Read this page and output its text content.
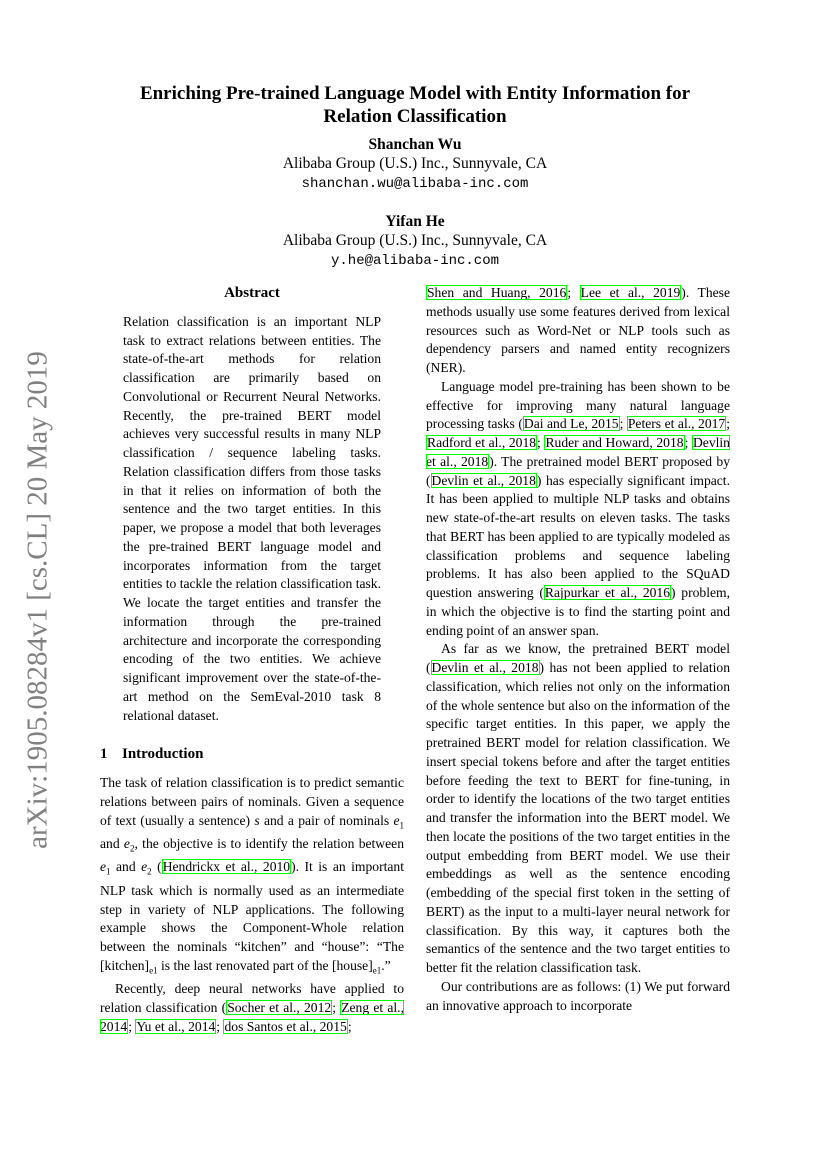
arXiv:1905.08284v1 [cs.CL] 20 May 2019

Enriching Pre-trained Language Model with Entity Information for
Relation Classification

Shanchan Wu
Alibaba Group (U.S.) Inc., Sunnyvale, CA
shanchan.wu@alibaba-inc.com
Yifan He
Alibaba Group (U.S.) Inc., Sunnyvale, CA
y.he@alibaba-inc.com
Abstract

Relation classification is an important NLP task to extract relations between entities. The state-of-the-art methods for relation classification are primarily based on Convolutional or Recurrent Neural Networks. Recently, the pre-trained BERT model achieves very successful results in many NLP classification / sequence labeling tasks. Relation classification differs from those tasks in that it relies on information of both the sentence and the two target entities. In this paper, we propose a model that both leverages the pre-trained BERT language model and incorporates information from the target entities to tackle the relation classification task. We locate the target entities and transfer the information through the pre-trained architecture and incorporate the corresponding encoding of the two entities. We achieve significant improvement over the state-of-the-art method on the SemEval-2010 task 8 relational dataset.

1 Introduction

The task of relation classification is to predict semantic relations between pairs of nominals. Given a sequence of text (usually a sentence) s and a pair of nominals $e_1$ and $e_2$, the objective is to identify the relation between $e_1$ and $e_2$ (Hendrickx et al., 2010). It is an important NLP task which is normally used as an intermediate step in variety of NLP applications. The following example shows the Component-Whole relation between the nominals “kitchen” and “house”: “The $[kitchen]_{e1}$ is the last renovated part of the $[house]_{e1}$.”

Recently, deep neural networks have applied to relation classification (Socher et al., 2012; Zeng et al., 2014; Yu et al., 2014; dos Santos et al., 2015;

Shen and Huang, 2016; Lee et al., 2019). These methods usually use some features derived from lexical resources such as Word-Net or NLP tools such as dependency parsers and named entity recognizers (NER).

Language model pre-training has been shown to be effective for improving many natural language processing tasks (Dai and Le, 2015; Peters et al., 2017; Radford et al., 2018; Ruder and Howard, 2018; Devlin et al., 2018). The pretrained model BERT proposed by (Devlin et al., 2018) has especially significant impact. It has been applied to multiple NLP tasks and obtains new state-of-the-art results on eleven tasks. The tasks that BERT has been applied to are typically modeled as classification problems and sequence labeling problems. It has also been applied to the SQuAD question answering (Rajpurkar et al., 2016) problem, in which the objective is to find the starting point and ending point of an answer span.

As far as we know, the pretrained BERT model (Devlin et al., 2018) has not been applied to relation classification, which relies not only on the information of the whole sentence but also on the information of the specific target entities. In this paper, we apply the pretrained BERT model for relation classification. We insert special tokens before and after the target entities before feeding the text to BERT for fine-tuning, in order to identify the locations of the two target entities and transfer the information into the BERT model. We then locate the positions of the two target entities in the output embedding from BERT model. We use their embeddings as well as the sentence encoding (embedding of the special first token in the setting of BERT) as the input to a multi-layer neural network for classification. By this way, it captures both the semantics of the sentence and the two target entities to better fit the relation classification task.

Our contributions are as follows: (1) We put forward an innovative approach to incorporate
